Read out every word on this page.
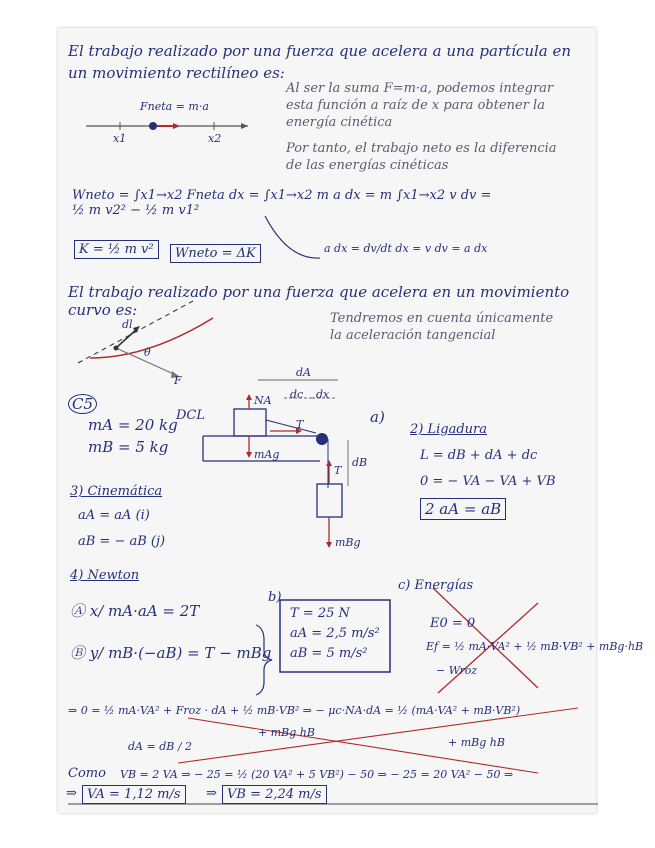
El trabajo realizado por una fuerza que acelera a una partícula en un movimiento rectilíneo es:
Fneta = m·a
x1	x2
Al ser la suma F=m·a, podemos integrar esta función a raíz de x para obtener la energía cinética
Por tanto, el trabajo neto es la diferencia de las energías cinéticas
Wneto = ∫x1→x2 Fneta dx = ∫x1→x2 m a dx = m ∫x1→x2 v dv = ½ m v2² − ½ m v1²
a dx = dv/dt dx = v dv = a dx
K = ½ m v²	Wneto = ΔK
El trabajo realizado por una fuerza que acelera en un movimiento curvo es:	Tendremos en cuenta únicamente la aceleración tangencial
dl
F
θ
C5
mA = 20 kg
mB = 5 kg
DCL
dA
dc dx
dB
NA
T
T
mAg
mBg
a)
2) Ligadura
L = dB + dA + dc
0 = − VA − VA + VB
2 aA = aB
3) Cinemática
aA = aA (i)
aB = − aB (j)
4) Newton
Ⓐ x/ mA·aA = 2T
Ⓑ y/ mB·(−aB) = T − mBg
b)
T = 25 N
aA = 2,5 m/s²
aB = 5 m/s²
c) Energías
E0 = 0
Ef = ½ mA·VA² + ½ mB·VB² + mBg·hB
− Wroz
⇒ 0 = ½ mA·VA² + Froz · dA + ½ mB·VB² ⇒ − μc·NA·dA = ½ (mA·VA² + mB·VB²)
+ mBg hB
+ mBg hB
dA = dB / 2
Como VB = 2 VA ⇒ − 25 = ½ (20 VA² + 5 VB²) − 50 ⇒ − 25 = 20 VA² − 50 ⇒
⇒ VA = 1,12 m/s	⇒ VB = 2,24 m/s
